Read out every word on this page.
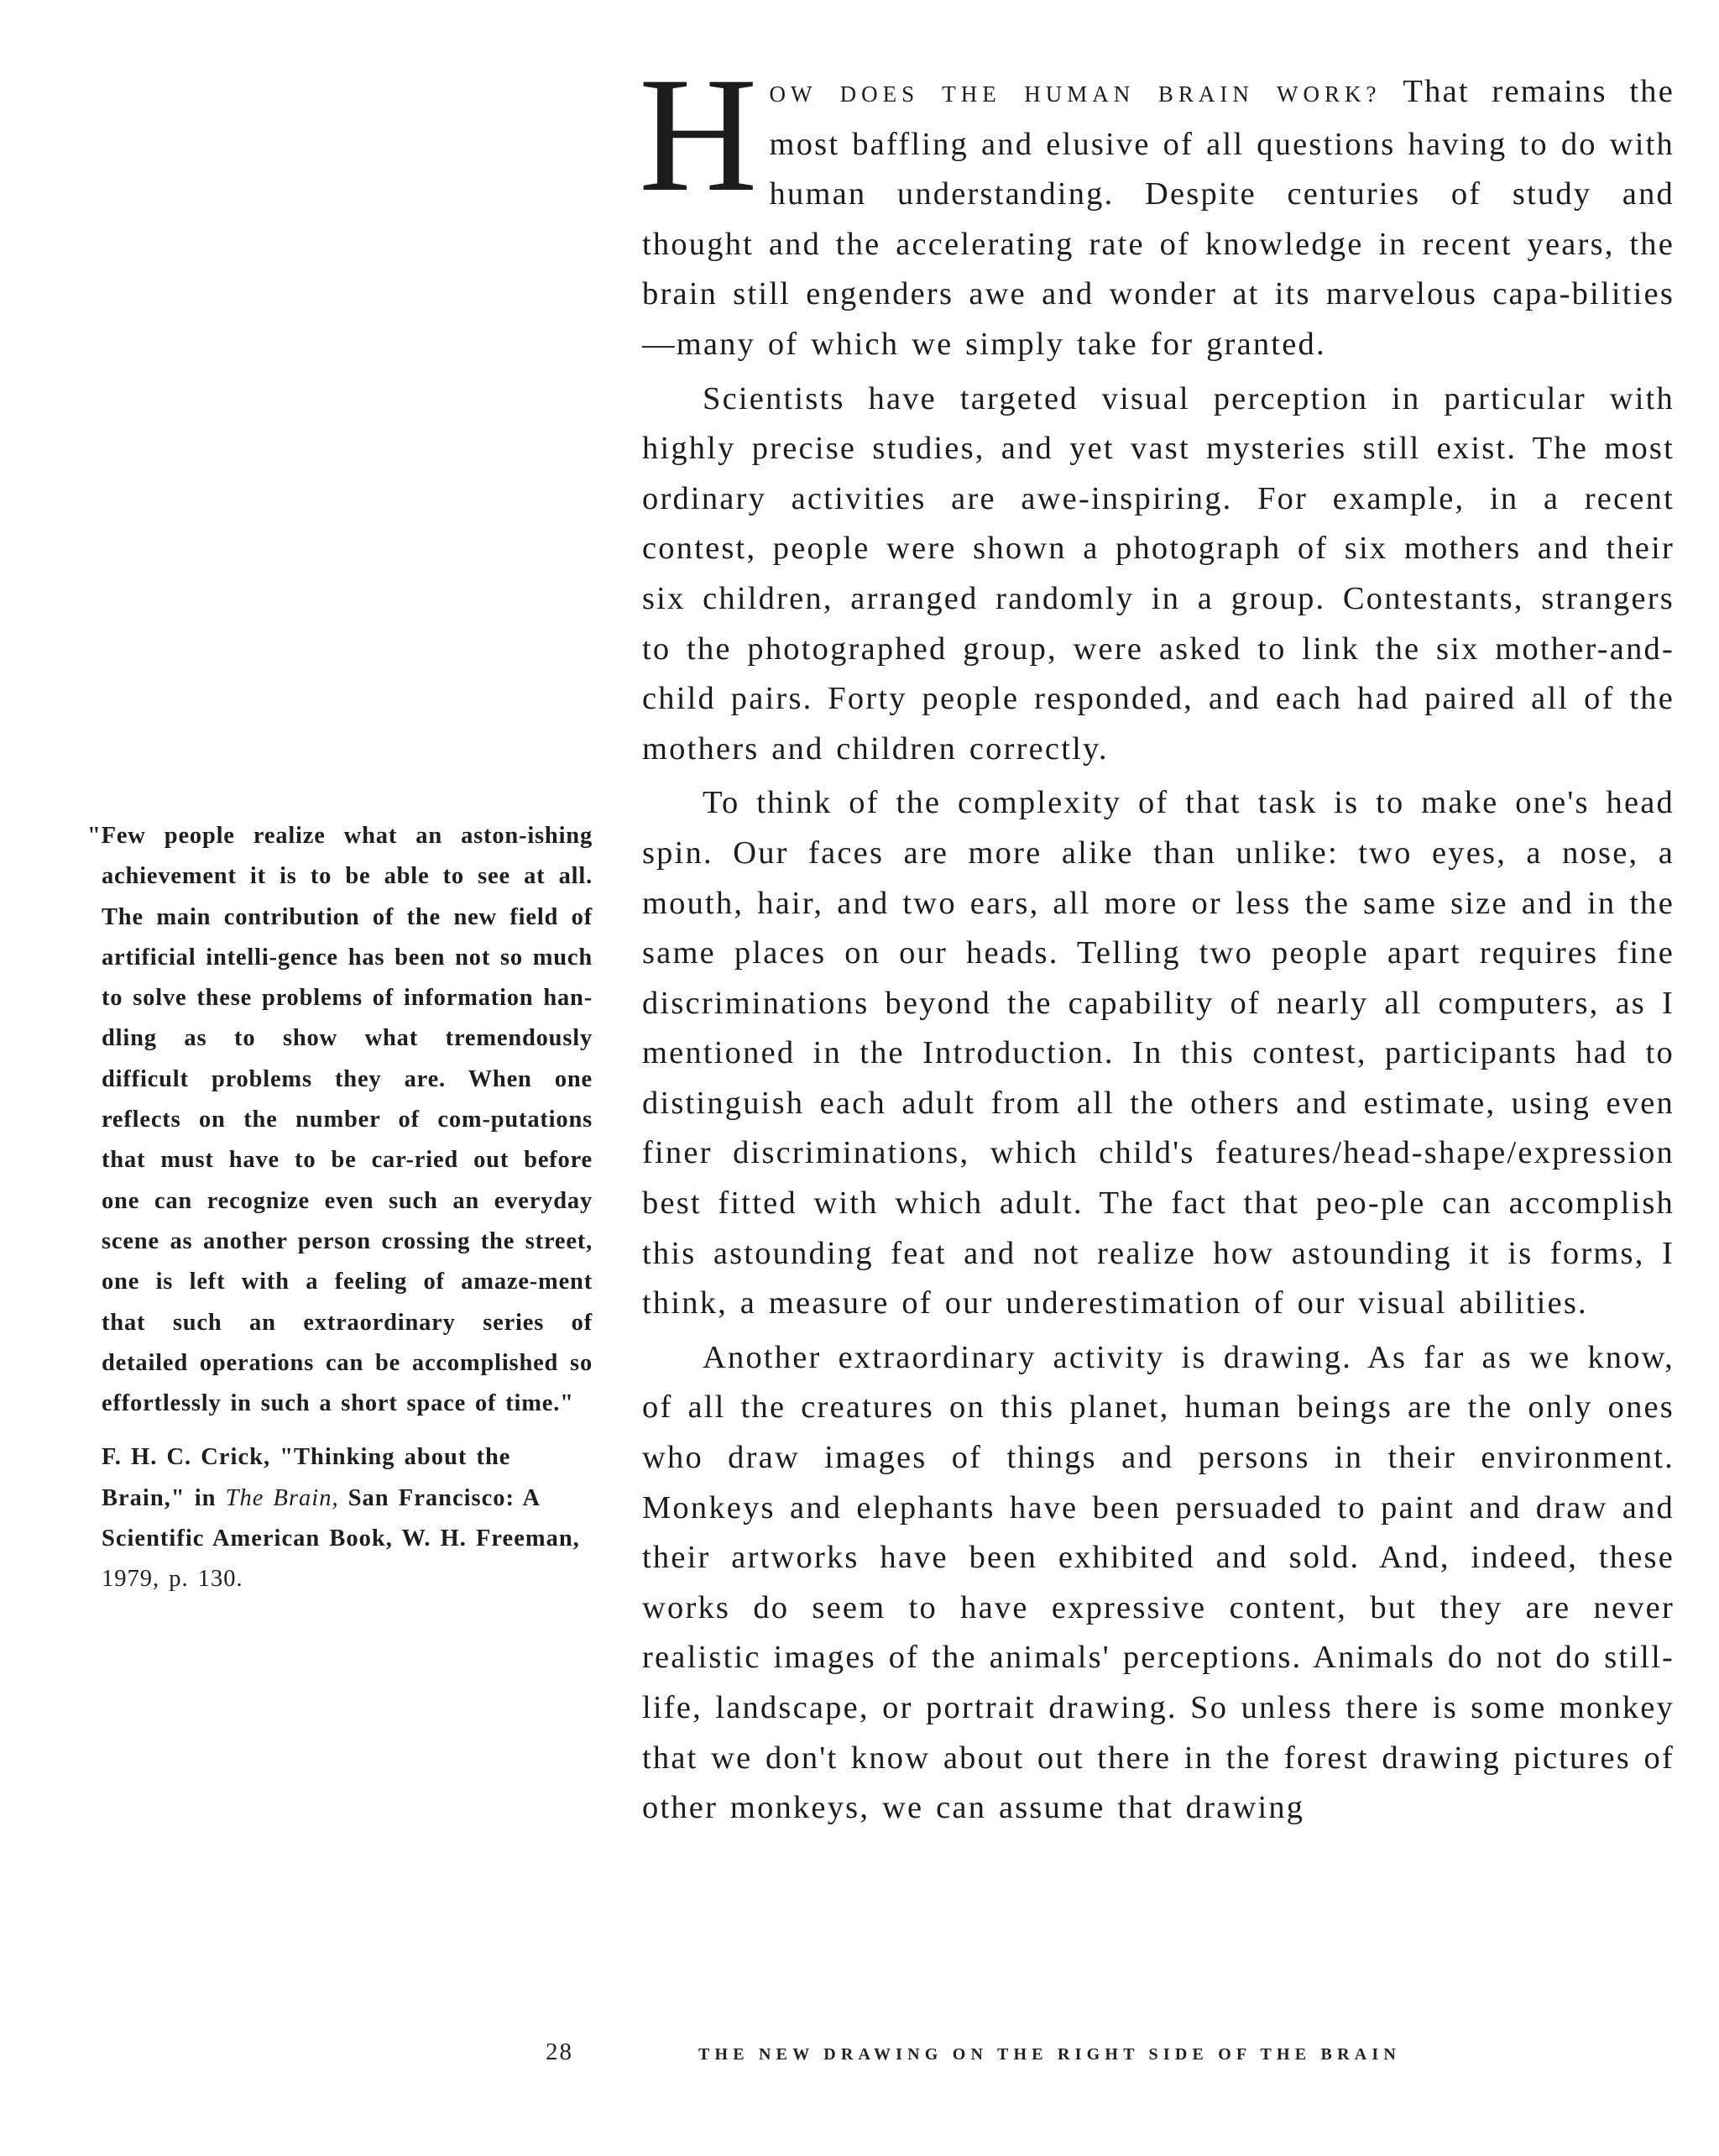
HOW DOES THE HUMAN BRAIN WORK? That remains the most baffling and elusive of all questions having to do with human understanding. Despite centuries of study and thought and the accelerating rate of knowledge in recent years, the brain still engenders awe and wonder at its marvelous capa-bilities—many of which we simply take for granted.

Scientists have targeted visual perception in particular with highly precise studies, and yet vast mysteries still exist. The most ordinary activities are awe-inspiring. For example, in a recent contest, people were shown a photograph of six mothers and their six children, arranged randomly in a group. Contestants, strangers to the photographed group, were asked to link the six mother-and-child pairs. Forty people responded, and each had paired all of the mothers and children correctly.

To think of the complexity of that task is to make one's head spin. Our faces are more alike than unlike: two eyes, a nose, a mouth, hair, and two ears, all more or less the same size and in the same places on our heads. Telling two people apart requires fine discriminations beyond the capability of nearly all computers, as I mentioned in the Introduction. In this contest, participants had to distinguish each adult from all the others and estimate, using even finer discriminations, which child's features/head-shape/expression best fitted with which adult. The fact that peo-ple can accomplish this astounding feat and not realize how astounding it is forms, I think, a measure of our underestimation of our visual abilities.

Another extraordinary activity is drawing. As far as we know, of all the creatures on this planet, human beings are the only ones who draw images of things and persons in their environment. Monkeys and elephants have been persuaded to paint and draw and their artworks have been exhibited and sold. And, indeed, these works do seem to have expressive content, but they are never realistic images of the animals' perceptions. Animals do not do still-life, landscape, or portrait drawing. So unless there is some monkey that we don't know about out there in the forest drawing pictures of other monkeys, we can assume that drawing

"Few people realize what an aston-ishing achievement it is to be able to see at all. The main contribution of the new field of artificial intelli-gence has been not so much to solve these problems of information han-dling as to show what tremendously difficult problems they are. When one reflects on the number of com-putations that must have to be car-ried out before one can recognize even such an everyday scene as another person crossing the street, one is left with a feeling of amaze-ment that such an extraordinary series of detailed operations can be accomplished so effortlessly in such a short space of time."

F. H. C. Crick, "Thinking about the Brain," in The Brain, San Francisco: A Scientific American Book, W. H. Freeman, 1979, p. 130.

28	THE NEW DRAWING ON THE RIGHT SIDE OF THE BRAIN
